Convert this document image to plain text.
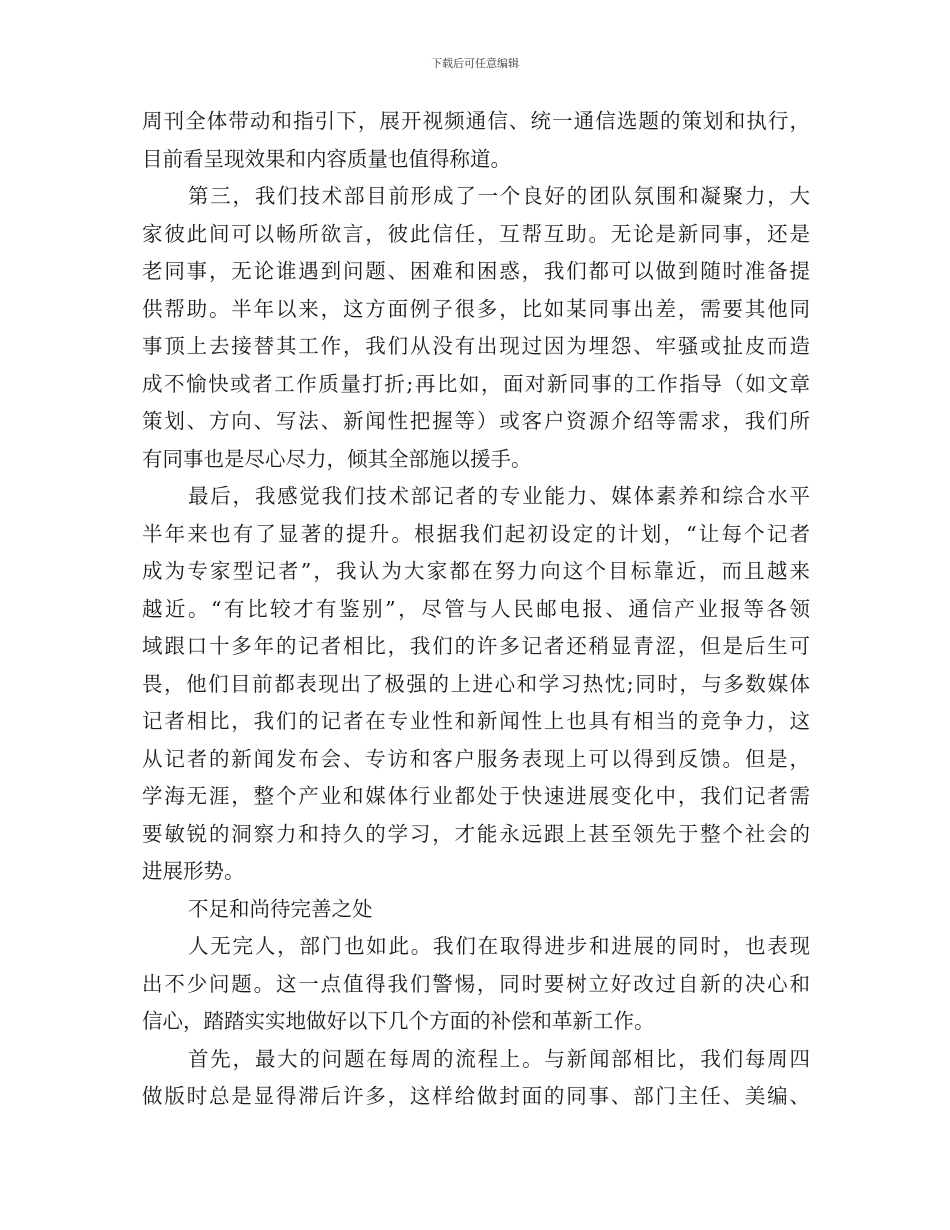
下载后可任意编辑
周刊全体带动和指引下，展开视频通信、统一通信选题的策划和执行，
目前看呈现效果和内容质量也值得称道。
第三，我们技术部目前形成了一个良好的团队氛围和凝聚力，大
家彼此间可以畅所欲言，彼此信任，互帮互助。无论是新同事，还是
老同事，无论谁遇到问题、困难和困惑，我们都可以做到随时准备提
供帮助。半年以来，这方面例子很多，比如某同事出差，需要其他同
事顶上去接替其工作，我们从没有出现过因为埋怨、牢骚或扯皮而造
成不愉快或者工作质量打折;再比如，面对新同事的工作指导（如文章
策划、方向、写法、新闻性把握等）或客户资源介绍等需求，我们所
有同事也是尽心尽力，倾其全部施以援手。
最后，我感觉我们技术部记者的专业能力、媒体素养和综合水平
半年来也有了显著的提升。根据我们起初设定的计划，“让每个记者
成为专家型记者”，我认为大家都在努力向这个目标靠近，而且越来
越近。“有比较才有鉴别”，尽管与人民邮电报、通信产业报等各领
域跟口十多年的记者相比，我们的许多记者还稍显青涩，但是后生可
畏，他们目前都表现出了极强的上进心和学习热忱;同时，与多数媒体
记者相比，我们的记者在专业性和新闻性上也具有相当的竞争力，这
从记者的新闻发布会、专访和客户服务表现上可以得到反馈。但是，
学海无涯，整个产业和媒体行业都处于快速进展变化中，我们记者需
要敏锐的洞察力和持久的学习，才能永远跟上甚至领先于整个社会的
进展形势。
不足和尚待完善之处
人无完人，部门也如此。我们在取得进步和进展的同时，也表现
出不少问题。这一点值得我们警惕，同时要树立好改过自新的决心和
信心，踏踏实实地做好以下几个方面的补偿和革新工作。
首先，最大的问题在每周的流程上。与新闻部相比，我们每周四
做版时总是显得滞后许多，这样给做封面的同事、部门主任、美编、
